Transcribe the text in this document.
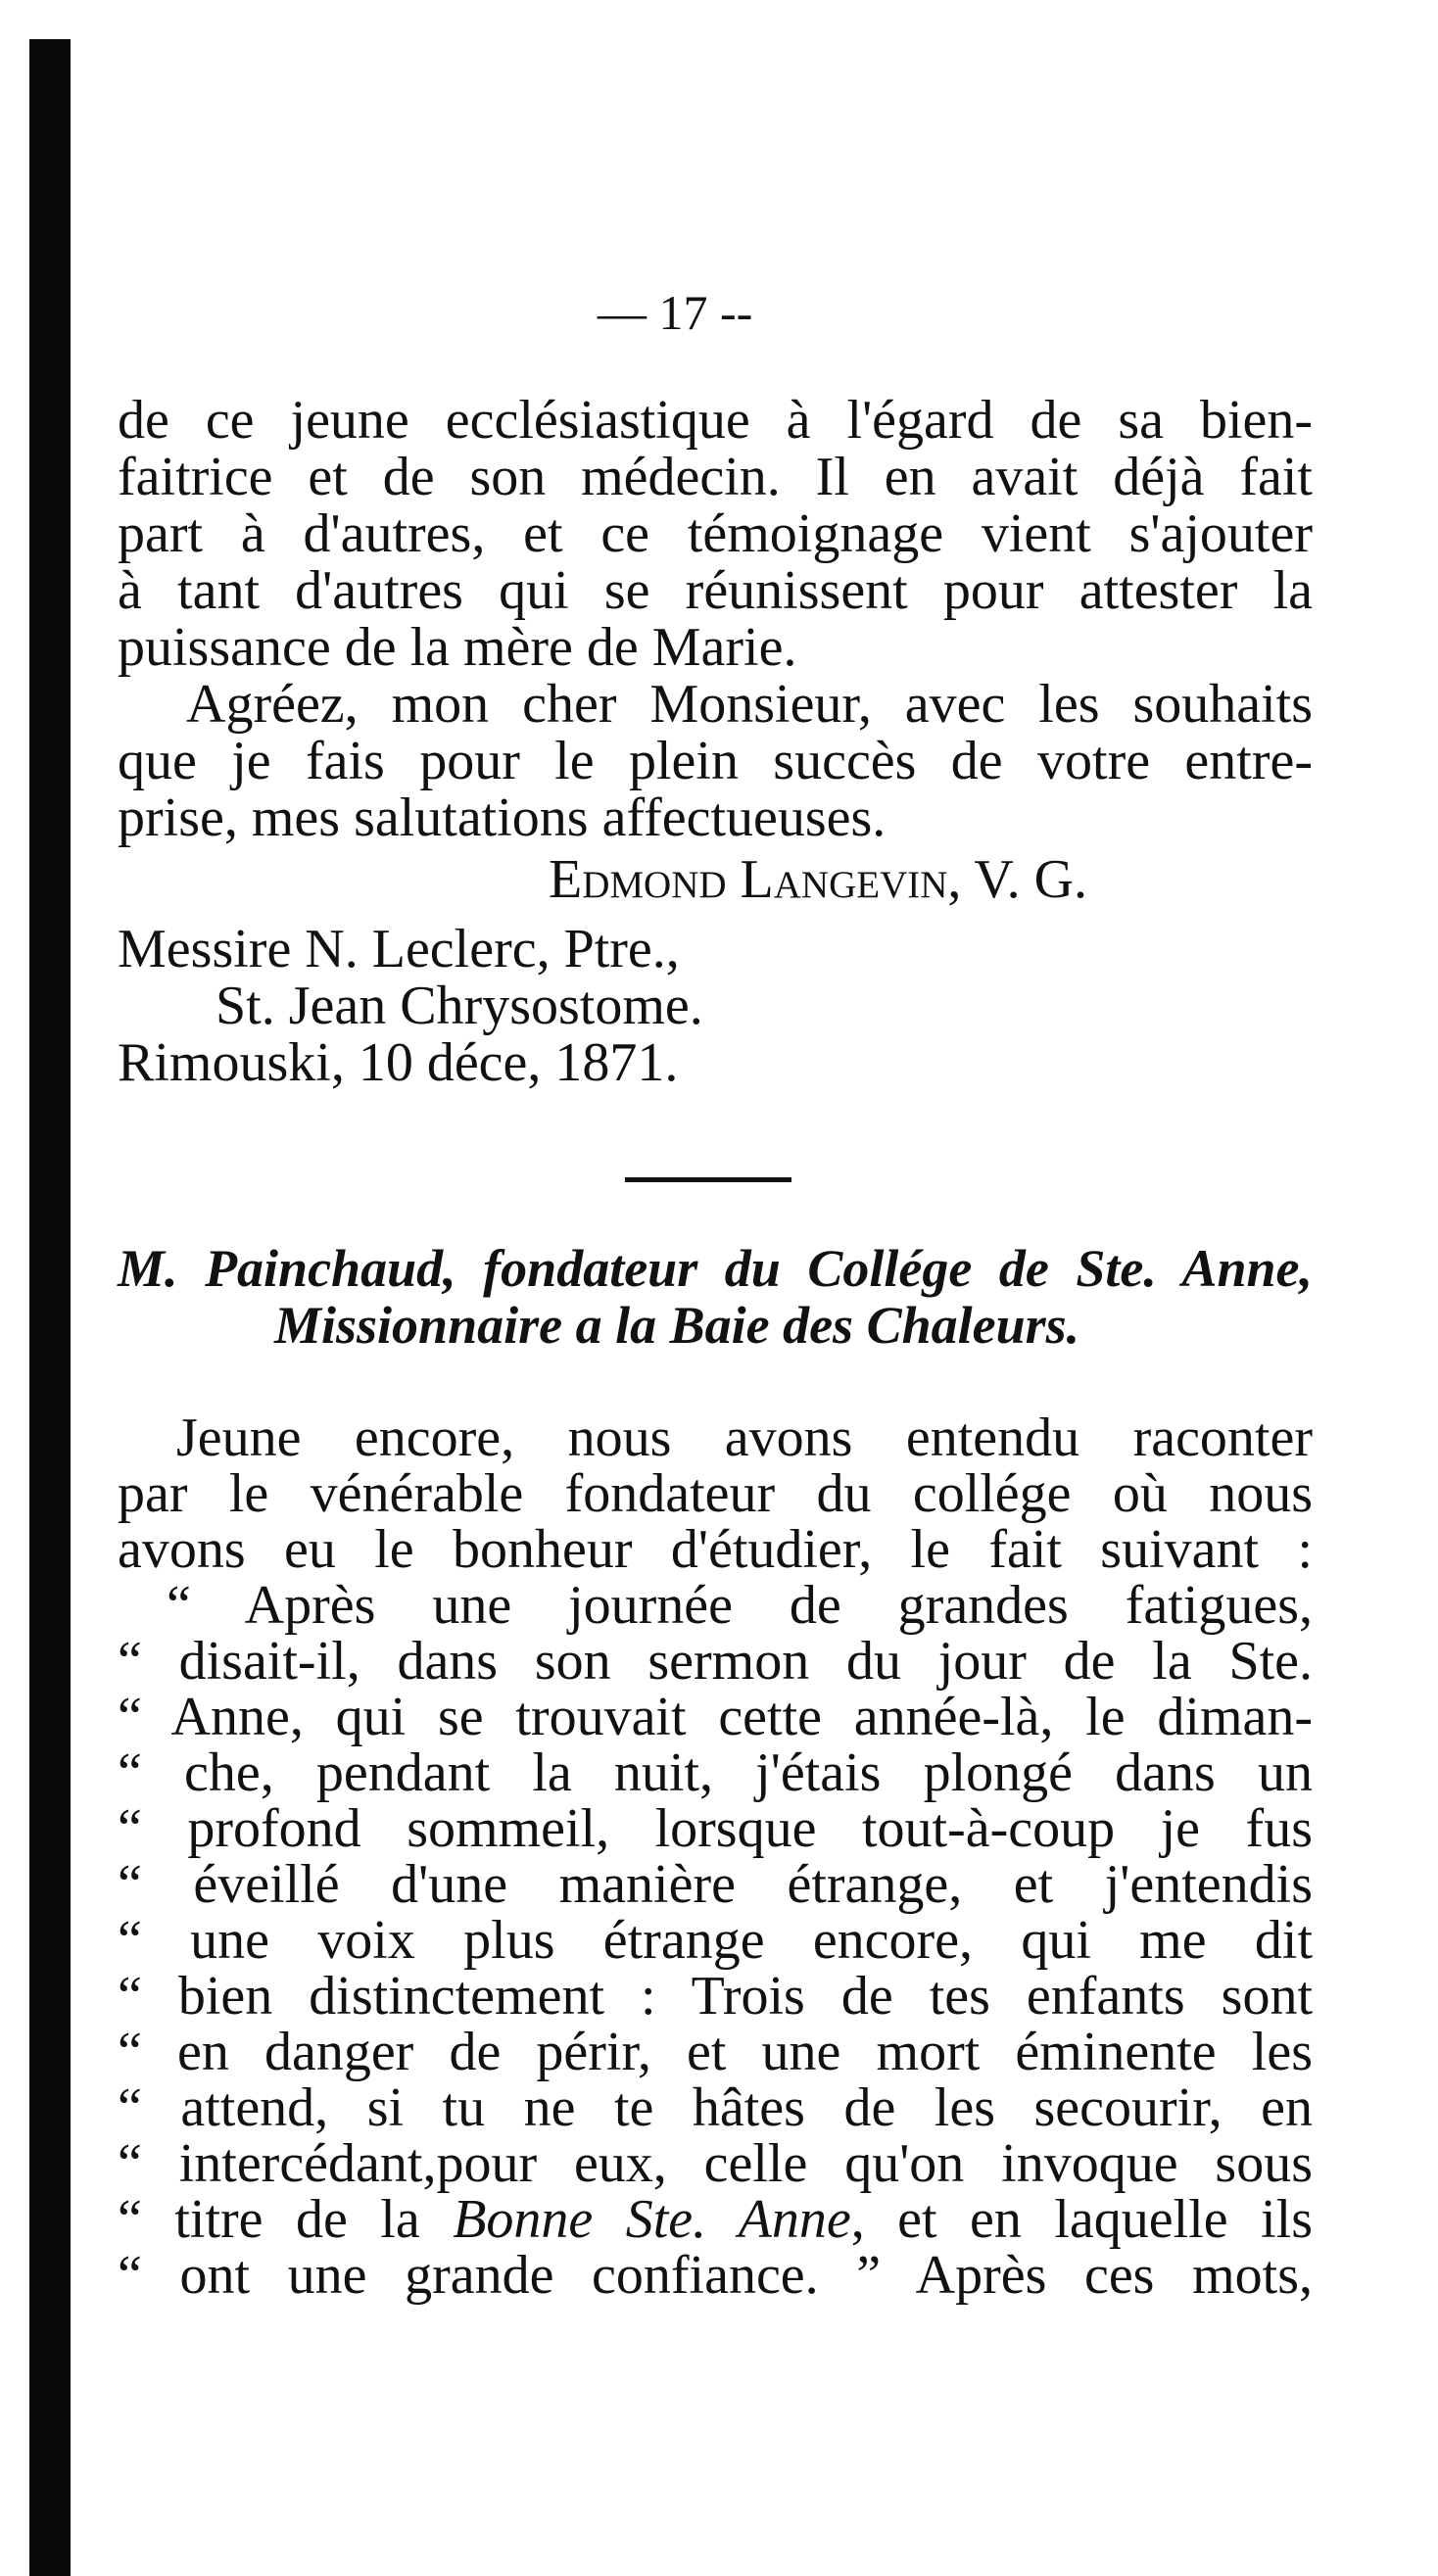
— 17 --
de ce jeune ecclésiastique à l'égard de sa bien-
faitrice et de son médecin. Il en avait déjà fait
part à d'autres, et ce témoignage vient s'ajouter
à tant d'autres qui se réunissent pour attester la
puissance de la mère de Marie.
Agréez, mon cher Monsieur, avec les souhaits
que je fais pour le plein succès de votre entre-
prise, mes salutations affectueuses.
Edmond Langevin, V. G.
Messire N. Leclerc, Ptre.,
St. Jean Chrysostome.
Rimouski, 10 déce, 1871.
M. Painchaud, fondateur du Collége de Ste. Anne,
Missionnaire a la Baie des Chaleurs.
Jeune encore, nous avons entendu raconter
par le vénérable fondateur du collége où nous
avons eu le bonheur d'étudier, le fait suivant :
“ Après une journée de grandes fatigues,
“ disait-il, dans son sermon du jour de la Ste.
“ Anne, qui se trouvait cette année-là, le diman-
“ che, pendant la nuit, j'étais plongé dans un
“ profond sommeil, lorsque tout-à-coup je fus
“ éveillé d'une manière étrange, et j'entendis
“ une voix plus étrange encore, qui me dit
“ bien distinctement : Trois de tes enfants sont
“ en danger de périr, et une mort éminente les
“ attend, si tu ne te hâtes de les secourir, en
“ intercédant,pour eux, celle qu'on invoque sous
“ titre de la Bonne Ste. Anne, et en laquelle ils
“ ont une grande confiance. ” Après ces mots,
